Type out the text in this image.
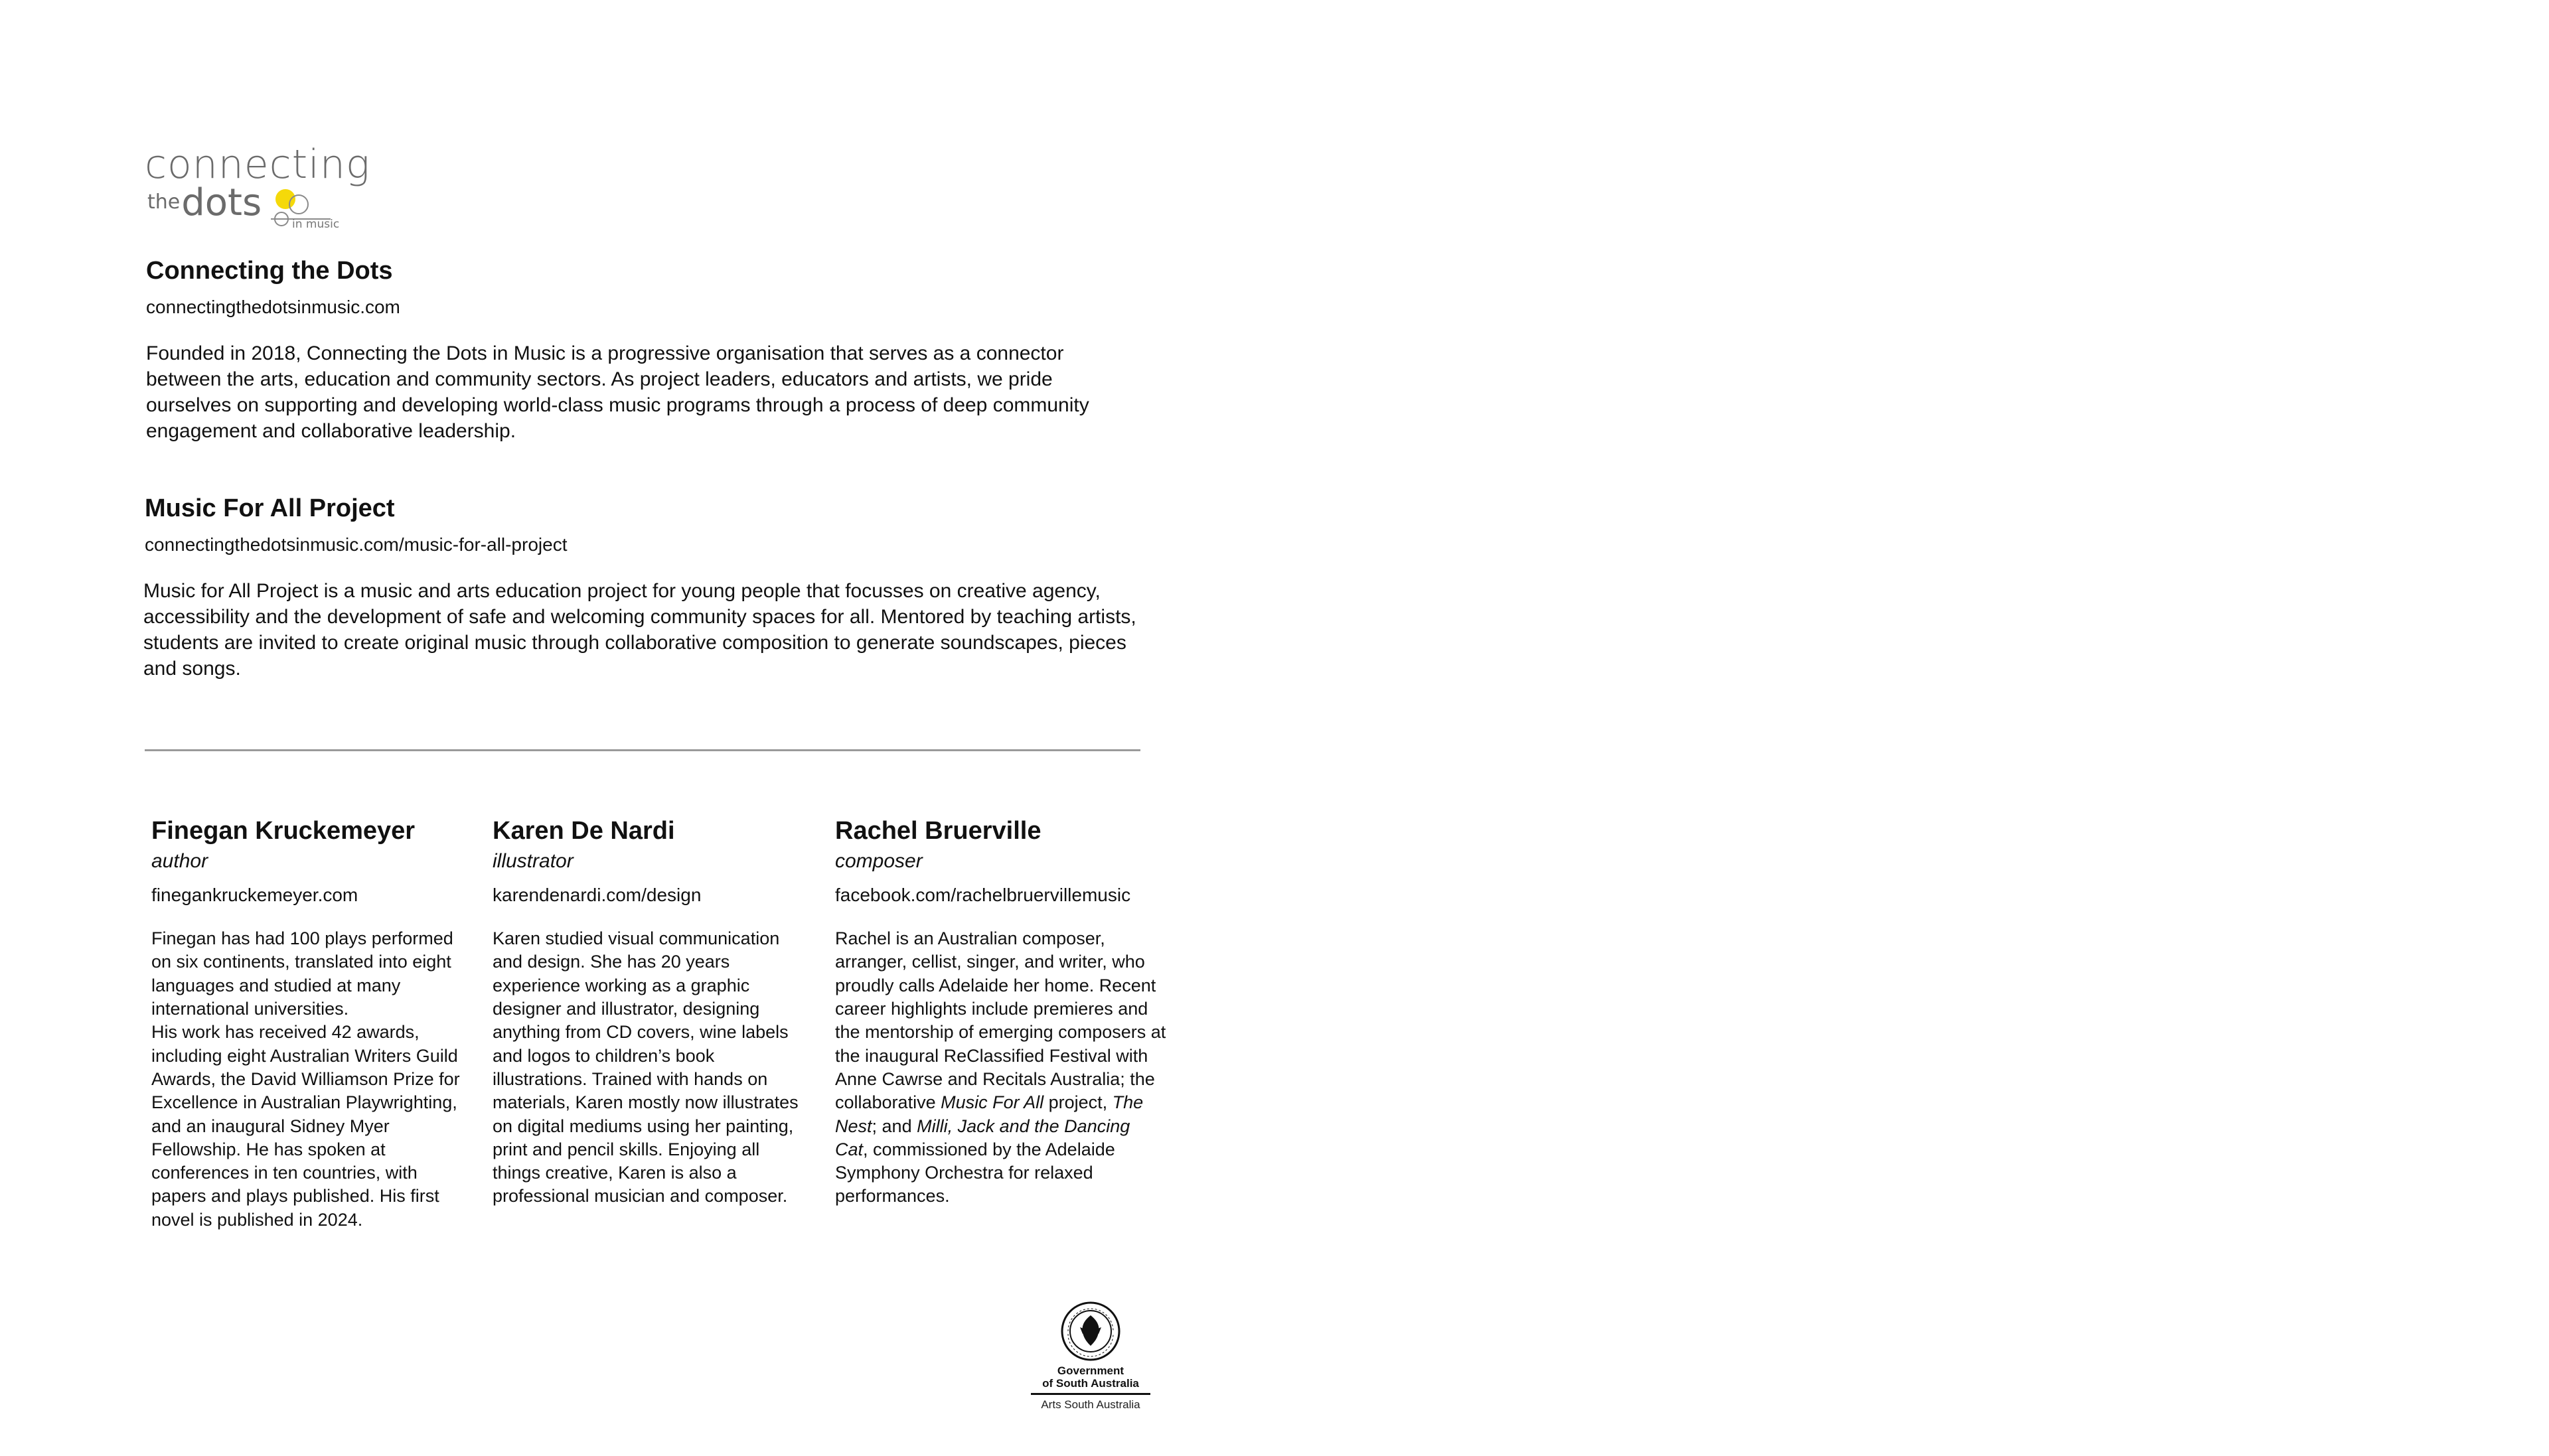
connecting
thedots	in music
Connecting the Dots
connectingthedotsinmusic.com
Founded in 2018, Connecting the Dots in Music is a progressive organisation that serves as a connector between the arts, education and community sectors. As project leaders, educators and artists, we pride ourselves on supporting and developing world-class music programs through a process of deep community engagement and collaborative leadership.
Music For All Project
connectingthedotsinmusic.com/music-for-all-project
Music for All Project is a music and arts education project for young people that focusses on creative agency, accessibility and the development of safe and welcoming community spaces for all. Mentored by teaching artists, students are invited to create original music through collaborative composition to generate soundscapes, pieces and songs.
Finegan Kruckemeyer
author
finegankruckemeyer.com

Finegan has had 100 plays performed on six continents, translated into eight languages and studied at many international universities.

His work has received 42 awards, including eight Australian Writers Guild Awards, the David Williamson Prize for Excellence in Australian Playwrighting, and an inaugural Sidney Myer Fellowship. He has spoken at conferences in ten countries, with papers and plays published. His first novel is published in 2024.

Karen De Nardi
illustrator
karendenardi.com/design

Karen studied visual communication and design. She has 20 years experience working as a graphic designer and illustrator, designing anything from CD covers, wine labels and logos to children’s book illustrations. Trained with hands on materials, Karen mostly now illustrates on digital mediums using her painting, print and pencil skills. Enjoying all things creative, Karen is also a professional musician and composer.

Rachel Bruerville
composer
facebook.com/rachelbruervillemusic

Rachel is an Australian composer, arranger, cellist, singer, and writer, who proudly calls Adelaide her home. Recent career highlights include premieres and the mentorship of emerging composers at the inaugural ReClassified Festival with Anne Cawrse and Recitals Australia; the collaborative Music For All project, The Nest; and Milli, Jack and the Dancing Cat, commissioned by the Adelaide Symphony Orchestra for relaxed performances.

Government
of South Australia
Arts South Australia
